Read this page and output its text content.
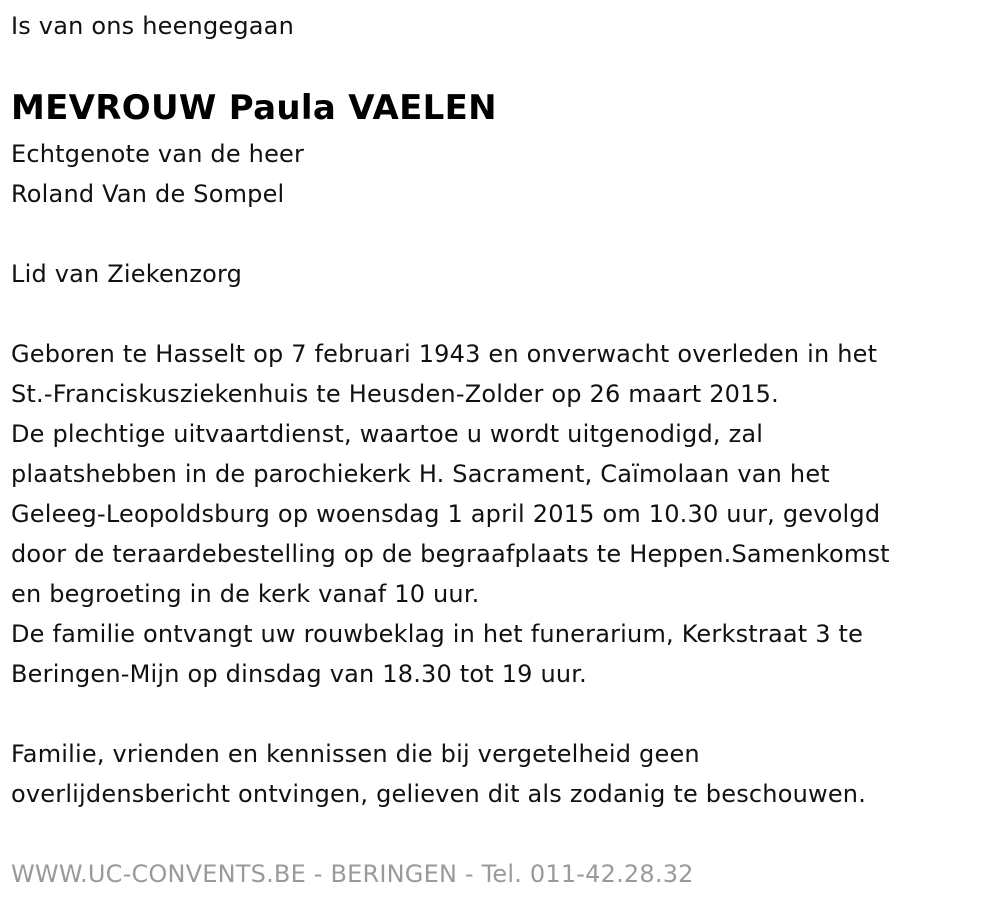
Is van ons heengegaan
MEVROUW Paula VAELEN
Echtgenote van de heer
Roland Van de Sompel
Lid van Ziekenzorg
Geboren te Hasselt op 7 februari 1943 en onverwacht overleden in het
St.-Franciskusziekenhuis te Heusden-Zolder op 26 maart 2015.
De plechtige uitvaartdienst, waartoe u wordt uitgenodigd, zal
plaatshebben in de parochiekerk H. Sacrament, Caïmolaan van het
Geleeg-Leopoldsburg op woensdag 1 april 2015 om 10.30 uur, gevolgd
door de teraardebestelling op de begraafplaats te Heppen.Samenkomst
en begroeting in de kerk vanaf 10 uur.
De familie ontvangt uw rouwbeklag in het funerarium, Kerkstraat 3 te
Beringen-Mijn op dinsdag van 18.30 tot 19 uur.
Familie, vrienden en kennissen die bij vergetelheid geen
overlijdensbericht ontvingen, gelieven dit als zodanig te beschouwen.
WWW.UC-CONVENTS.BE - BERINGEN - Tel. 011-42.28.32
